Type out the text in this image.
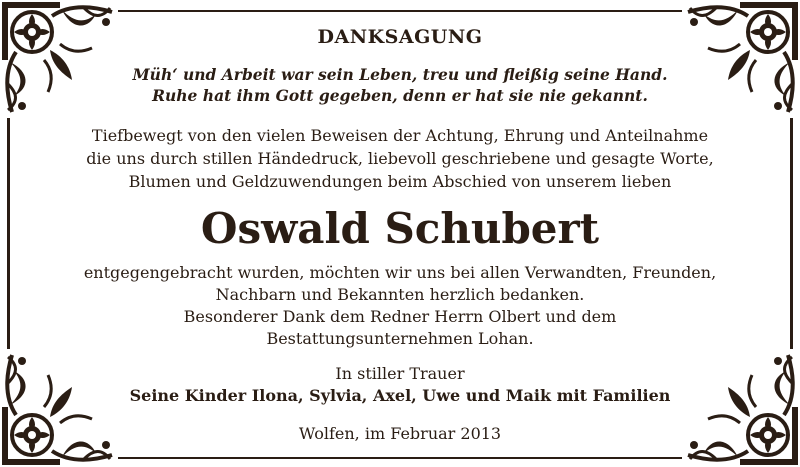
DANKSAGUNG
Müh‘ und Arbeit war sein Leben, treu und fleißig seine Hand.
Ruhe hat ihm Gott gegeben, denn er hat sie nie gekannt.
Tiefbewegt von den vielen Beweisen der Achtung, Ehrung und Anteilnahme
die uns durch stillen Händedruck, liebevoll geschriebene und gesagte Worte,
Blumen und Geldzuwendungen beim Abschied von unserem lieben
Oswald Schubert
entgegengebracht wurden, möchten wir uns bei allen Verwandten, Freunden,
Nachbarn und Bekannten herzlich bedanken.
Besonderer Dank dem Redner Herrn Olbert und dem
Bestattungsunternehmen Lohan.
In stiller Trauer
Seine Kinder Ilona, Sylvia, Axel, Uwe und Maik mit Familien
Wolfen, im Februar 2013
